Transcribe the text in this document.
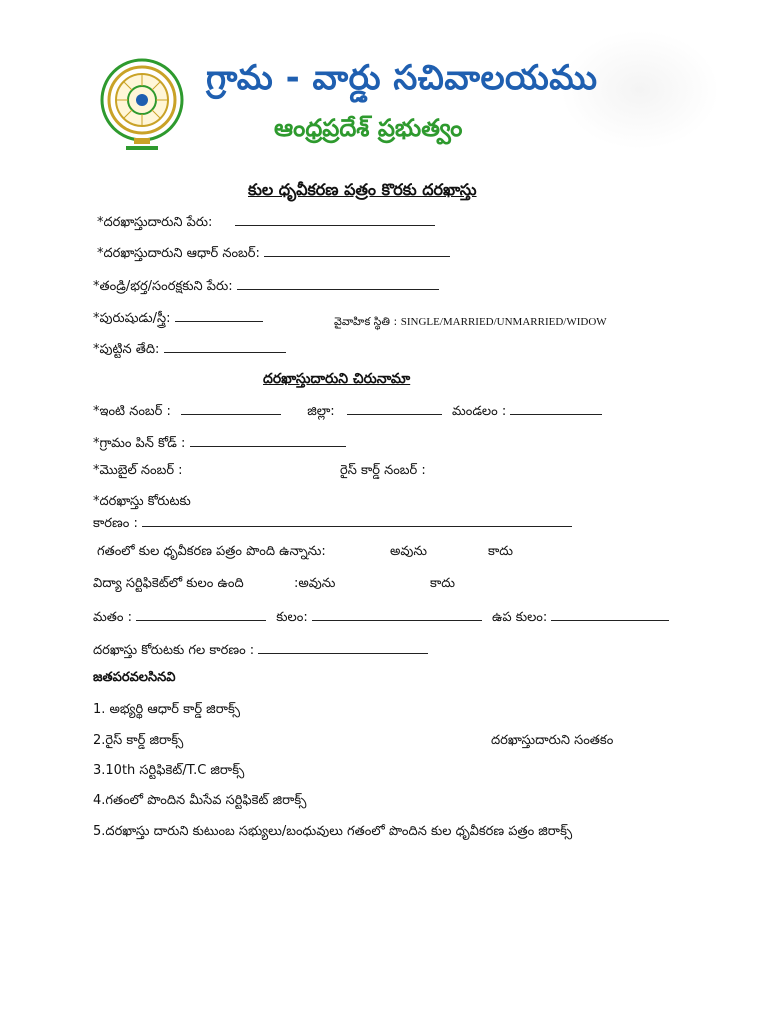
గ్రామ - వార్డు సచివాలయము
ఆంధ్రప్రదేశ్ ప్రభుత్వం
కుల ధృవీకరణ పత్రం కొరకు దరఖాస్తు
*దరఖాస్తుదారుని పేరు:
*దరఖాస్తుదారుని ఆధార్ నంబర్:
*తండ్రి/భర్త/సంరక్షకుని పేరు:
*పురుషుడు/స్త్రీ:	వైవాహిక స్థితి : SINGLE/MARRIED/UNMARRIED/WIDOW
*పుట్టిన తేది:
దరఖాస్తుదారుని చిరునామా
*ఇంటి నంబర్ :	జిల్లా:	మండలం :
*గ్రామం పిన్ కోడ్ :
*మొబైల్ నంబర్ :	రైస్ కార్డ్ నంబర్ :
*దరఖాస్తు కోరుటకు
కారణం :
గతంలో కుల ధృవీకరణ పత్రం పొంది ఉన్నాను:	అవును	కాదు
విద్యా సర్టిఫికెట్‌లో కులం ఉంది	:అవును	కాదు
మతం :	కులం:	ఉప కులం:
దరఖాస్తు కోరుటకు గల కారణం :
జతపరవలసినవి
1. అభ్యర్థి ఆధార్ కార్డ్ జిరాక్స్
2.రైస్ కార్డ్ జిరాక్స్	దరఖాస్తుదారుని సంతకం
3.10th సర్టిఫికెట్/T.C జిరాక్స్
4.గతంలో పొందిన మీసేవ సర్టిఫికెట్ జిరాక్స్
5.దరఖాస్తు దారుని కుటుంబ సభ్యులు/బంధువులు గతంలో పొందిన కుల ధృవీకరణ పత్రం జిరాక్స్
